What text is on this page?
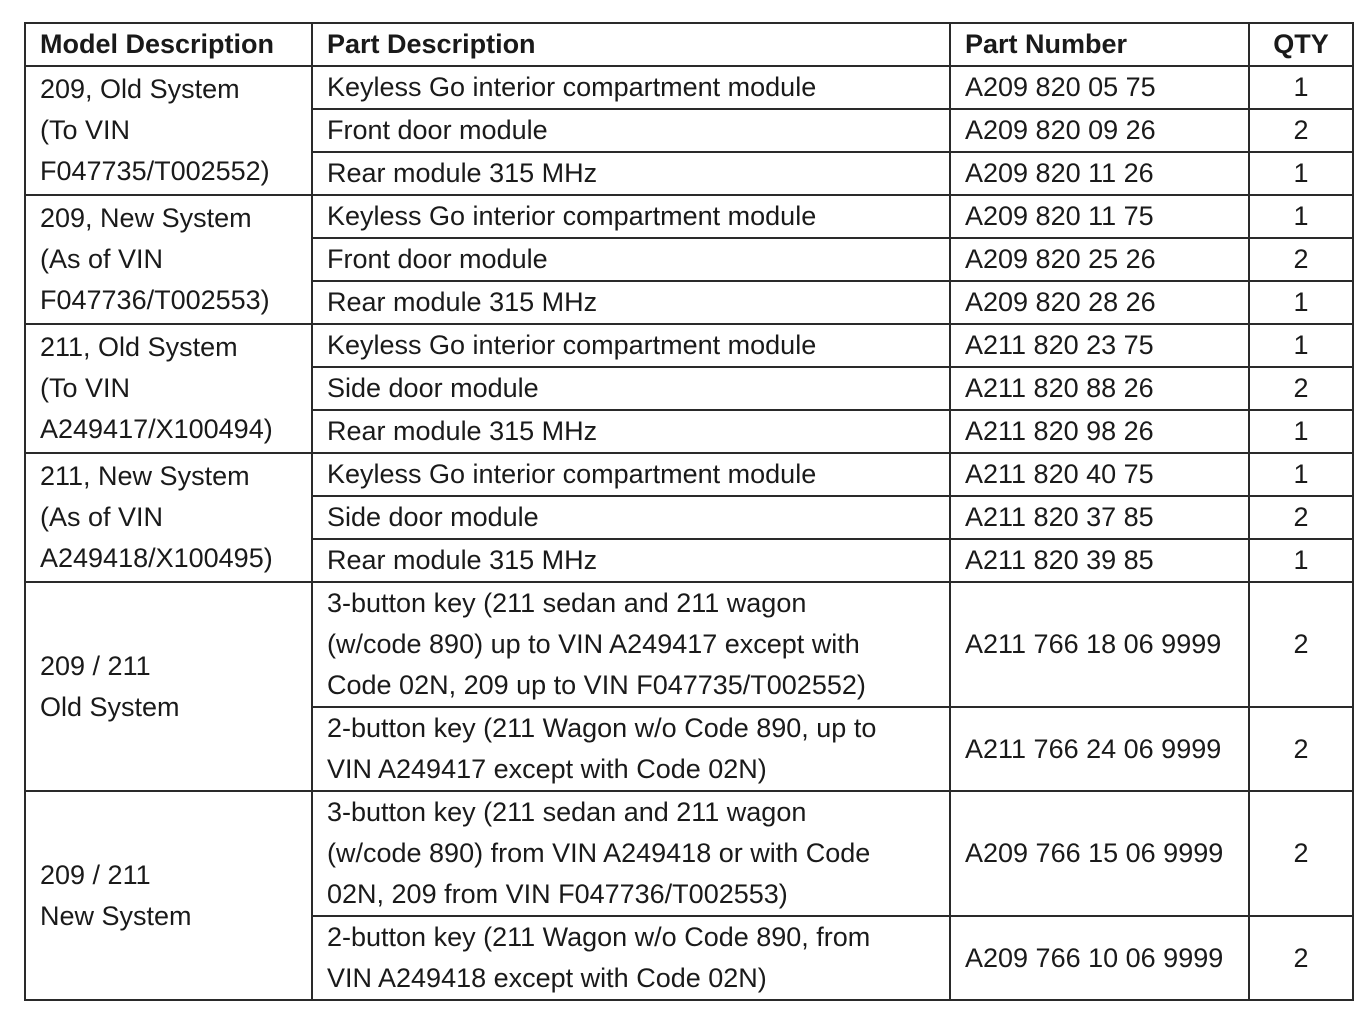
Model Description	Part Description	Part Number	QTY

209, Old System
(To VIN
F047735/T002552)	Keyless Go interior compartment module	A209 820 05 75	1
	Front door module	A209 820 09 26	2
	Rear module 315 MHz	A209 820 11 26	1

209, New System
(As of VIN
F047736/T002553)	Keyless Go interior compartment module	A209 820 11 75	1
	Front door module	A209 820 25 26	2
	Rear module 315 MHz	A209 820 28 26	1

211, Old System
(To VIN
A249417/X100494)	Keyless Go interior compartment module	A211 820 23 75	1
	Side door module	A211 820 88 26	2
	Rear module 315 MHz	A211 820 98 26	1

211, New System
(As of VIN
A249418/X100495)	Keyless Go interior compartment module	A211 820 40 75	1
	Side door module	A211 820 37 85	2
	Rear module 315 MHz	A211 820 39 85	1

209 / 211
Old System	3-button key (211 sedan and 211 wagon
(w/code 890) up to VIN A249417 except with
Code 02N, 209 up to VIN F047735/T002552)	A211 766 18 06 9999	2

	2-button key (211 Wagon w/o Code 890, up to
VIN A249417 except with Code 02N)	A211 766 24 06 9999	2

209 / 211
New System	3-button key (211 sedan and 211 wagon
(w/code 890) from VIN A249418 or with Code
02N, 209 from VIN F047736/T002553)	A209 766 15 06 9999	2

	2-button key (211 Wagon w/o Code 890, from
VIN A249418 except with Code 02N)	A209 766 10 06 9999	2
